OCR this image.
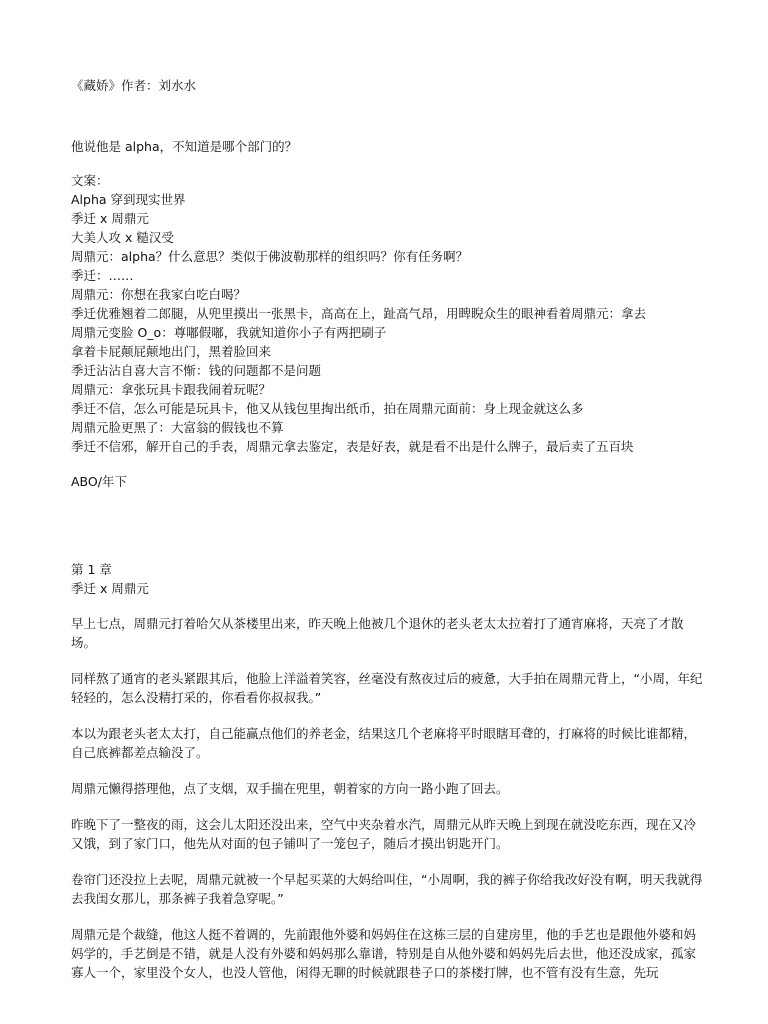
《藏娇》作者：刘水水

他说他是 alpha，不知道是哪个部门的？

文案：

Alpha 穿到现实世界

季迁 x 周鼎元

大美人攻 x 糙汉受

周鼎元：alpha？什么意思？类似于佛波勒那样的组织吗？你有任务啊？

季迁：……

周鼎元：你想在我家白吃白喝？

季迁优雅翘着二郎腿，从兜里摸出一张黑卡，高高在上，趾高气昂，用睥睨众生的眼神看着周鼎元：拿去

周鼎元变脸 O_o：尊嘟假嘟，我就知道你小子有两把刷子

拿着卡屁颠屁颠地出门，黑着脸回来

季迁沾沾自喜大言不惭：钱的问题都不是问题

周鼎元：拿张玩具卡跟我闹着玩呢？

季迁不信，怎么可能是玩具卡，他又从钱包里掏出纸币，拍在周鼎元面前：身上现金就这么多

周鼎元脸更黑了：大富翁的假钱也不算

季迁不信邪，解开自己的手表，周鼎元拿去鉴定，表是好表，就是看不出是什么牌子，最后卖了五百块

ABO/年下

第 1 章

季迁 x 周鼎元

早上七点，周鼎元打着哈欠从茶楼里出来，昨天晚上他被几个退休的老头老太太拉着打了通宵麻将，天亮了才散场。

同样熬了通宵的老头紧跟其后，他脸上洋溢着笑容，丝毫没有熬夜过后的疲惫，大手拍在周鼎元背上，“小周，年纪轻轻的，怎么没精打采的，你看看你叔叔我。”

本以为跟老头老太太打，自己能赢点他们的养老金，结果这几个老麻将平时眼瞎耳聋的，打麻将的时候比谁都精，自己底裤都差点输没了。

周鼎元懒得搭理他，点了支烟，双手揣在兜里，朝着家的方向一路小跑了回去。

昨晚下了一整夜的雨，这会儿太阳还没出来，空气中夹杂着水汽，周鼎元从昨天晚上到现在就没吃东西，现在又冷又饿，到了家门口，他先从对面的包子铺叫了一笼包子，随后才摸出钥匙开门。

卷帘门还没拉上去呢，周鼎元就被一个早起买菜的大妈给叫住，“小周啊，我的裤子你给我改好没有啊，明天我就得去我闺女那儿，那条裤子我着急穿呢。”

周鼎元是个裁缝，他这人挺不着调的，先前跟他外婆和妈妈住在这栋三层的自建房里，他的手艺也是跟他外婆和妈妈学的，手艺倒是不错，就是人没有外婆和妈妈那么靠谱，特别是自从他外婆和妈妈先后去世，他还没成家，孤家寡人一个，家里没个女人，也没人管他，闲得无聊的时候就跟巷子口的茶楼打牌，也不管有没有生意，先玩
